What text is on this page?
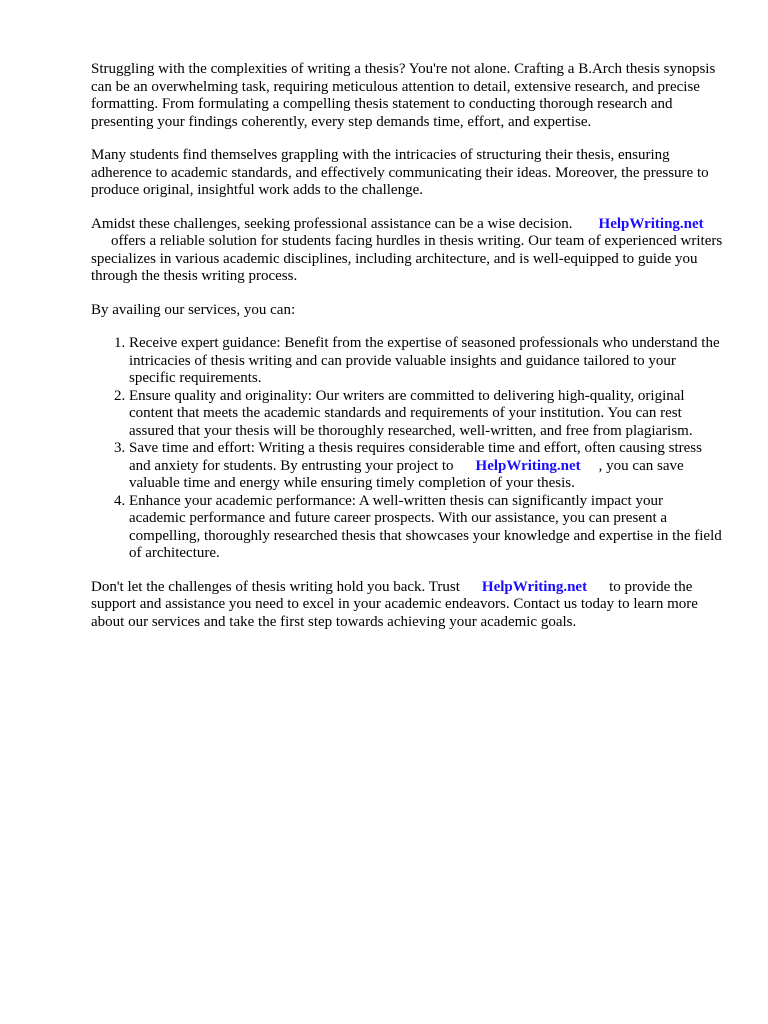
Struggling with the complexities of writing a thesis? You're not alone. Crafting a B.Arch thesis synopsis can be an overwhelming task, requiring meticulous attention to detail, extensive research, and precise formatting. From formulating a compelling thesis statement to conducting thorough research and presenting your findings coherently, every step demands time, effort, and expertise.

Many students find themselves grappling with the intricacies of structuring their thesis, ensuring adherence to academic standards, and effectively communicating their ideas. Moreover, the pressure to produce original, insightful work adds to the challenge.

Amidst these challenges, seeking professional assistance can be a wise decision. HelpWriting.net
offers a reliable solution for students facing hurdles in thesis writing. Our team of experienced writers specializes in various academic disciplines, including architecture, and is well-equipped to guide you through the thesis writing process.

By availing our services, you can:

1. Receive expert guidance: Benefit from the expertise of seasoned professionals who understand the intricacies of thesis writing and can provide valuable insights and guidance tailored to your specific requirements.
2. Ensure quality and originality: Our writers are committed to delivering high-quality, original content that meets the academic standards and requirements of your institution. You can rest assured that your thesis will be thoroughly researched, well-written, and free from plagiarism.
3. Save time and effort: Writing a thesis requires considerable time and effort, often causing stress and anxiety for students. By entrusting your project to HelpWriting.net , you can save valuable time and energy while ensuring timely completion of your thesis.
4. Enhance your academic performance: A well-written thesis can significantly impact your academic performance and future career prospects. With our assistance, you can present a compelling, thoroughly researched thesis that showcases your knowledge and expertise in the field of architecture.

Don't let the challenges of thesis writing hold you back. Trust HelpWriting.net to provide the support and assistance you need to excel in your academic endeavors. Contact us today to learn more about our services and take the first step towards achieving your academic goals.
